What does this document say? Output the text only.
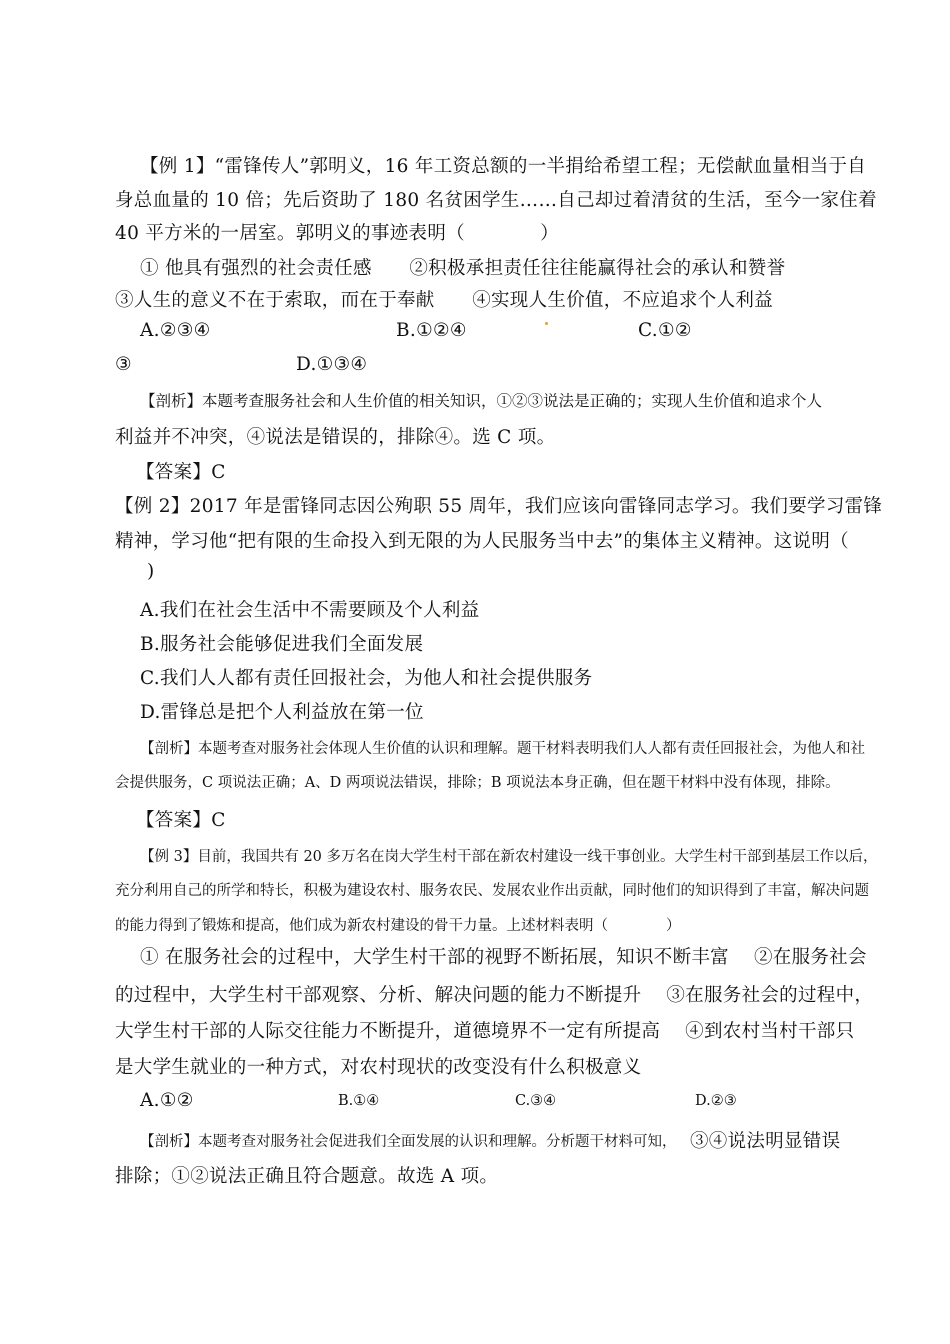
【例 1】“雷锋传人”郭明义，16 年工资总额的一半捐给希望工程；无偿献血量相当于自
身总血量的 10 倍；先后资助了 180 名贫困学生……自己却过着清贫的生活，至今一家住着
40 平方米的一居室。郭明义的事迹表明（　　　　）
① 他具有强烈的社会责任感　　②积极承担责任往往能赢得社会的承认和赞誉
③人生的意义不在于索取，而在于奉献　　④实现人生价值，不应追求个人利益
A.②③④	B.①②④	C.①②
③	D.①③④
【剖析】本题考查服务社会和人生价值的相关知识，①②③说法是正确的；实现人生价值和追求个人
利益并不冲突，④说法是错误的，排除④。选 C 项。
【答案】C
【例 2】2017 年是雷锋同志因公殉职 55 周年，我们应该向雷锋同志学习。我们要学习雷锋
精神，学习他“把有限的生命投入到无限的为人民服务当中去”的集体主义精神。这说明（
)
A.我们在社会生活中不需要顾及个人利益
B.服务社会能够促进我们全面发展
C.我们人人都有责任回报社会，为他人和社会提供服务
D.雷锋总是把个人利益放在第一位
【剖析】本题考查对服务社会体现人生价值的认识和理解。题干材料表明我们人人都有责任回报社会，为他人和社
会提供服务，C 项说法正确；A、D 两项说法错误，排除；B 项说法本身正确，但在题干材料中没有体现，排除。
【答案】C
【例 3】目前，我国共有 20 多万名在岗大学生村干部在新农村建设一线干事创业。大学生村干部到基层工作以后，
充分利用自己的所学和特长，积极为建设农村、服务农民、发展农业作出贡献，同时他们的知识得到了丰富，解决问题
的能力得到了锻炼和提高，他们成为新农村建设的骨干力量。上述材料表明（　　　　）
① 在服务社会的过程中，大学生村干部的视野不断拓展，知识不断丰富　 ②在服务社会
的过程中，大学生村干部观察、分析、解决问题的能力不断提升　 ③在服务社会的过程中，
大学生村干部的人际交往能力不断提升，道德境界不一定有所提高　 ④到农村当村干部只
是大学生就业的一种方式，对农村现状的改变没有什么积极意义
A.①②	B.①④	C.③④	D.②③
【剖析】本题考查对服务社会促进我们全面发展的认识和理解。分析题干材料可知， ③④说法明显错误
排除；①②说法正确且符合题意。故选 A 项。
